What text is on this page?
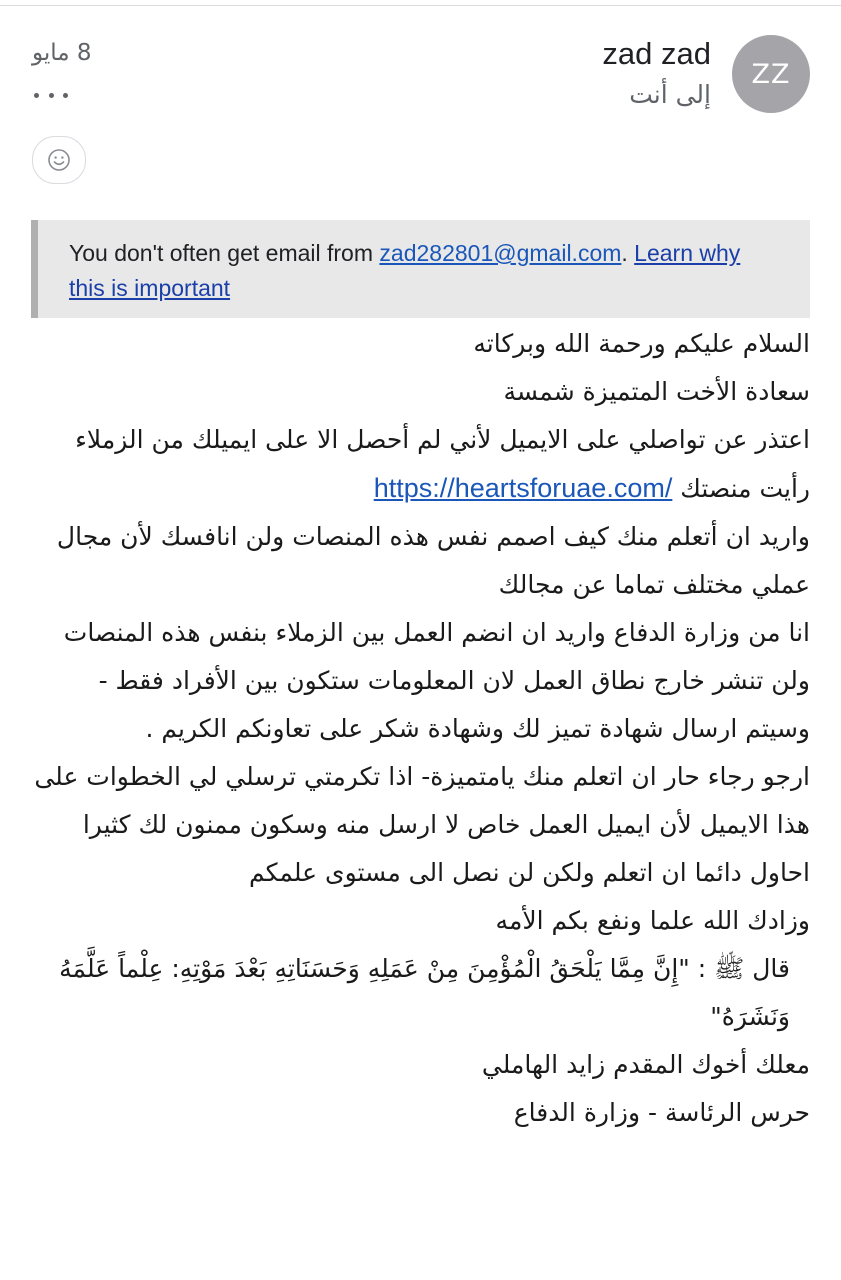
ZZ
zad zad
إلى أنت
8 مايو
You don't often get email from zad282801@gmail.com. Learn why this is important

السلام عليكم ورحمة الله وبركاته

سعادة الأخت المتميزة شمسة

اعتذر عن تواصلي على الايميل لأني لم أحصل الا على ايميلك من الزملاء

رأيت منصتك https://heartsforuae.com/

واريد ان أتعلم منك كيف اصمم نفس هذه المنصات ولن انافسك لأن مجال عملي مختلف تماما عن مجالك

انا من وزارة الدفاع واريد ان انضم العمل بين الزملاء بنفس هذه المنصات ولن تنشر خارج نطاق العمل لان المعلومات ستكون بين الأفراد فقط - وسيتم ارسال شهادة تميز لك وشهادة شكر على تعاونكم الكريم .

ارجو رجاء حار ان اتعلم منك يامتميزة- اذا تكرمتي ترسلي لي الخطوات على هذا الايميل لأن ايميل العمل خاص لا ارسل منه وسكون ممنون لك كثيرا

احاول دائما ان اتعلم ولكن لن نصل الى مستوى علمكم

وزادك الله علما ونفع بكم الأمه

قال ﷺ : "إِنَّ مِمَّا يَلْحَقُ الْمُؤْمِنَ مِنْ عَمَلِهِ وَحَسَنَاتِهِ بَعْدَ مَوْتِهِ: عِلْماً عَلَّمَهُ وَنَشَرَهُ"

معلك أخوك المقدم زايد الهاملي

حرس الرئاسة - وزارة الدفاع
